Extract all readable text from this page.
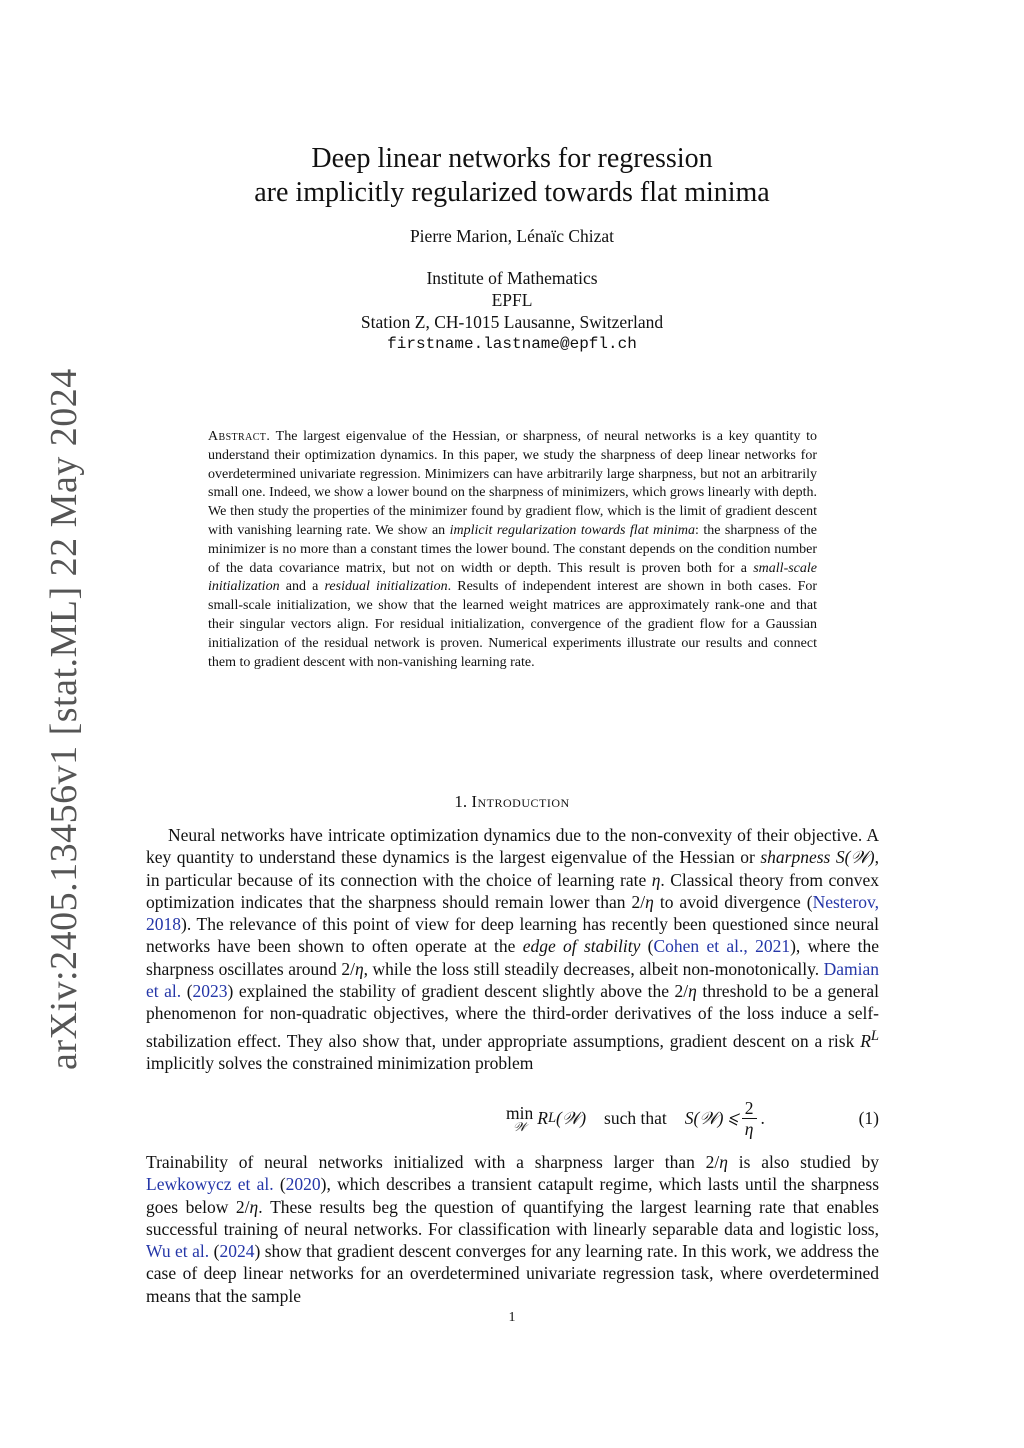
arXiv:2405.13456v1 [stat.ML] 22 May 2024
Deep linear networks for regression
are implicitly regularized towards flat minima
Pierre Marion, Lénaïc Chizat
Institute of Mathematics
EPFL
Station Z, CH-1015 Lausanne, Switzerland
firstname.lastname@epfl.ch
Abstract. The largest eigenvalue of the Hessian, or sharpness, of neural networks is a key quantity to understand their optimization dynamics. In this paper, we study the sharpness of deep linear networks for overdetermined univariate regression. Minimizers can have arbitrarily large sharpness, but not an arbitrarily small one. Indeed, we show a lower bound on the sharpness of minimizers, which grows linearly with depth. We then study the properties of the minimizer found by gradient flow, which is the limit of gradient descent with vanishing learning rate. We show an implicit regularization towards flat minima: the sharpness of the minimizer is no more than a constant times the lower bound. The constant depends on the condition number of the data covariance matrix, but not on width or depth. This result is proven both for a small-scale initialization and a residual initialization. Results of independent interest are shown in both cases. For small-scale initialization, we show that the learned weight matrices are approximately rank-one and that their singular vectors align. For residual initialization, convergence of the gradient flow for a Gaussian initialization of the residual network is proven. Numerical experiments illustrate our results and connect them to gradient descent with non-vanishing learning rate.
1. Introduction
Neural networks have intricate optimization dynamics due to the non-convexity of their objective. A key quantity to understand these dynamics is the largest eigenvalue of the Hessian or sharpness S(𝒲), in particular because of its connection with the choice of learning rate η. Classical theory from convex optimization indicates that the sharpness should remain lower than 2/η to avoid divergence (Nesterov, 2018). The relevance of this point of view for deep learning has recently been questioned since neural networks have been shown to often operate at the edge of stability (Cohen et al., 2021), where the sharpness oscillates around 2/η, while the loss still steadily decreases, albeit non-monotonically. Damian et al. (2023) explained the stability of gradient descent slightly above the 2/η threshold to be a general phenomenon for non-quadratic objectives, where the third-order derivatives of the loss induce a self-stabilization effect. They also show that, under appropriate assumptions, gradient descent on a risk $R^L$ implicitly solves the constrained minimization problem
min
𝒲 R L (𝒲) such that S(𝒲) ⩽ $\frac{2}{\eta}$ .	(1)
Trainability of neural networks initialized with a sharpness larger than 2/η is also studied by Lewkowycz et al. (2020), which describes a transient catapult regime, which lasts until the sharpness goes below 2/η. These results beg the question of quantifying the largest learning rate that enables successful training of neural networks. For classification with linearly separable data and logistic loss, Wu et al. (2024) show that gradient descent converges for any learning rate. In this work, we address the case of deep linear networks for an overdetermined univariate regression task, where overdetermined means that the sample
1
